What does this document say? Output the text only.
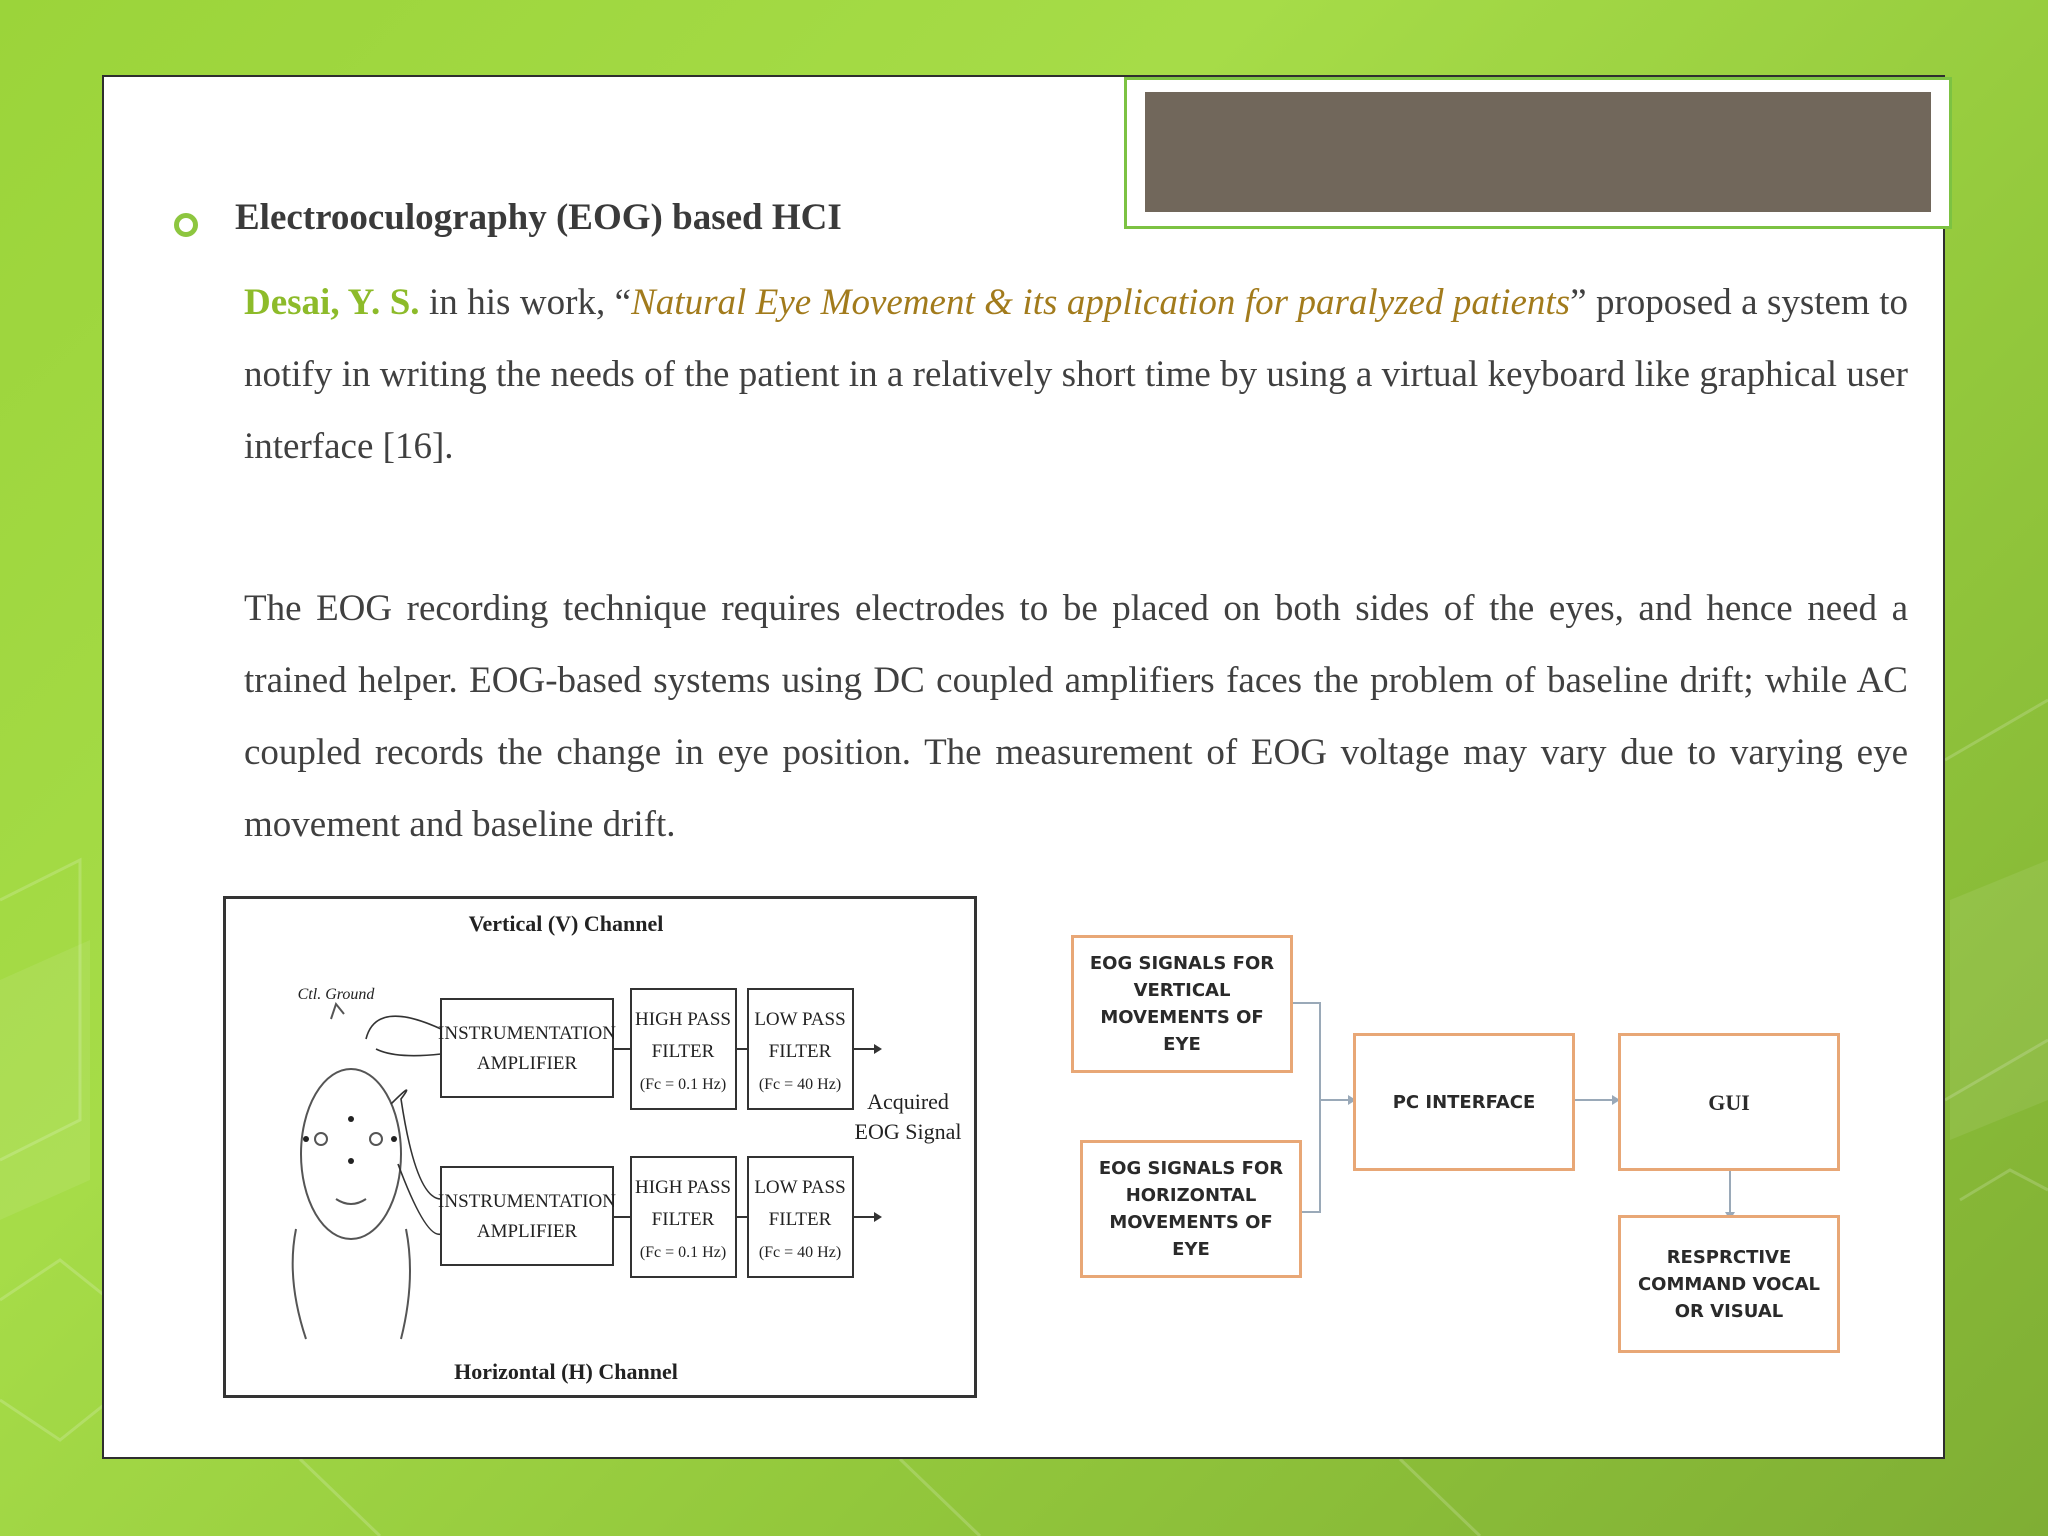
Electrooculography (EOG) based HCI
Desai, Y. S. in his work, “Natural Eye Movement & its application for paralyzed patients” proposed a system to notify in writing the needs of the patient in a relatively short time by using a virtual keyboard like graphical user interface [16].
The EOG recording technique requires electrodes to be placed on both sides of the eyes, and hence need a trained helper. EOG-based systems using DC coupled amplifiers faces the problem of baseline drift; while AC coupled records the change in eye position. The measurement of EOG voltage may vary due to varying eye movement and baseline drift.
Vertical (V) Channel
Horizontal (H) Channel
Ctl. Ground
INSTRUMENTATION
AMPLIFIER
INSTRUMENTATION
AMPLIFIER
HIGH PASS
FILTER
(Fc = 0.1 Hz)
LOW PASS
FILTER
(Fc = 40 Hz)
HIGH PASS
FILTER
(Fc = 0.1 Hz)
LOW PASS
FILTER
(Fc = 40 Hz)
Acquired
EOG Signal
EOG SIGNALS FOR
VERTICAL
MOVEMENTS OF EYE
EOG SIGNALS FOR
HORIZONTAL
MOVEMENTS OF EYE
PC INTERFACE	GUI
RESPRCTIVE
COMMAND VOCAL
OR VISUAL
